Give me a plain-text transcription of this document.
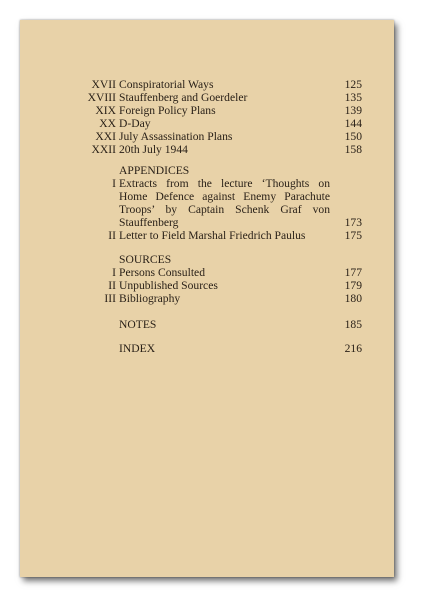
XVII Conspiratorial Ways	125
XVIII Stauffenberg and Goerdeler	135
XIX Foreign Policy Plans	139
XX D-Day	144
XXI July Assassination Plans	150
XXII 20th July 1944	158
APPENDICES
I Extracts from the lecture ‘Thoughts on Home Defence against Enemy Parachute Troops’ by Captain Schenk Graf von Stauffenberg	173
II Letter to Field Marshal Friedrich Paulus	175
SOURCES
I Persons Consulted	177
II Unpublished Sources	179
III Bibliography	180
NOTES	185
INDEX	216
